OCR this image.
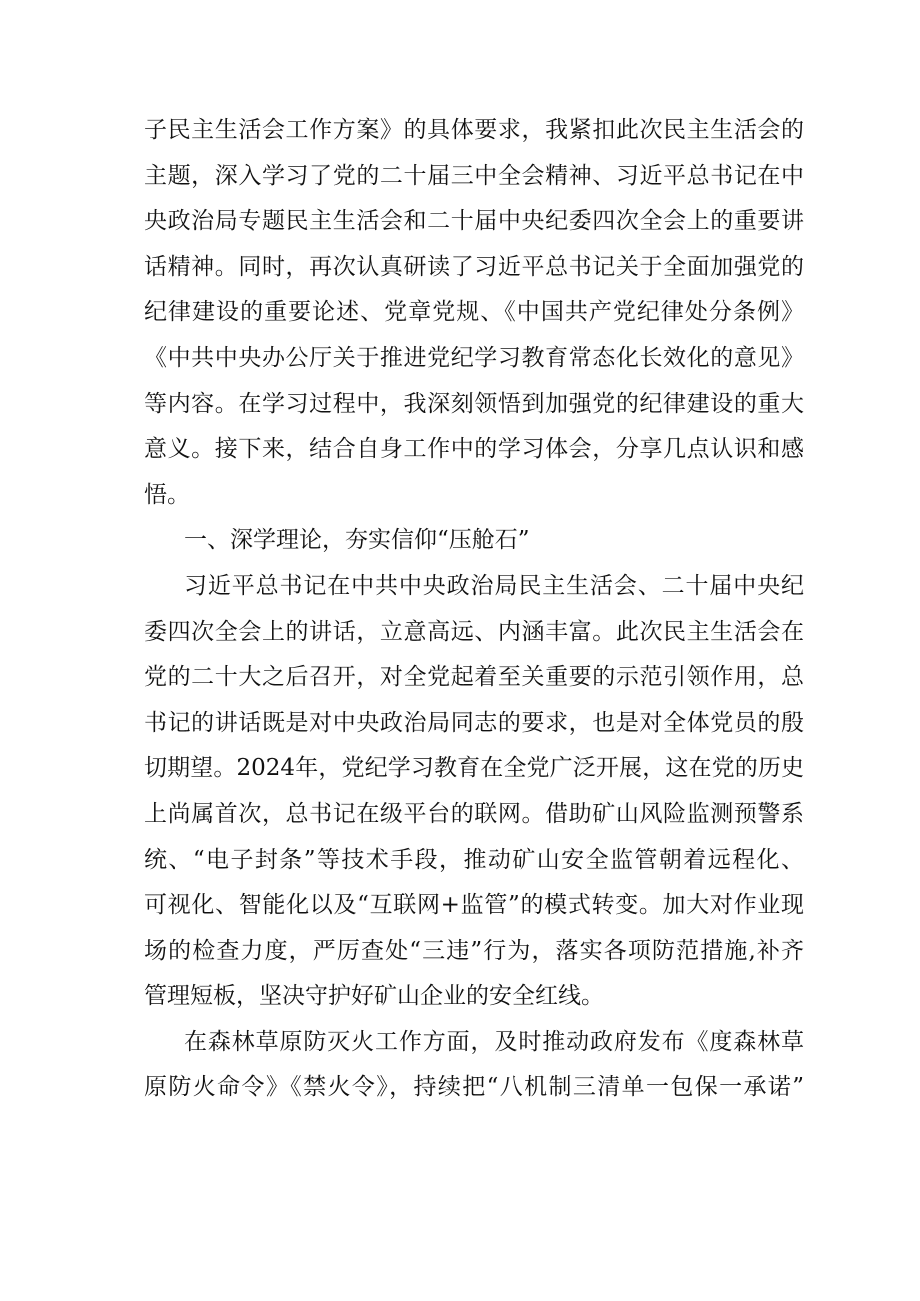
子民主生活会工作方案》的具体要求，我紧扣此次民主生活会的
主题，深入学习了党的二十届三中全会精神、习近平总书记在中
央政治局专题民主生活会和二十届中央纪委四次全会上的重要讲
话精神。同时，再次认真研读了习近平总书记关于全面加强党的
纪律建设的重要论述、党章党规、《中国共产党纪律处分条例》
《中共中央办公厅关于推进党纪学习教育常态化长效化的意见》
等内容。在学习过程中，我深刻领悟到加强党的纪律建设的重大
意义。接下来，结合自身工作中的学习体会，分享几点认识和感
悟。

一、深学理论，夯实信仰“压舱石”

习近平总书记在中共中央政治局民主生活会、二十届中央纪
委四次全会上的讲话，立意高远、内涵丰富。此次民主生活会在
党的二十大之后召开，对全党起着至关重要的示范引领作用，总
书记的讲话既是对中央政治局同志的要求，也是对全体党员的殷
切期望。2024年，党纪学习教育在全党广泛开展，这在党的历史
上尚属首次，总书记在级平台的联网。借助矿山风险监测预警系
统、“电子封条”等技术手段，推动矿山安全监管朝着远程化、
可视化、智能化以及“互联网+监管”的模式转变。加大对作业现
场的检查力度，严厉查处“三违”行为，落实各项防范措施,补齐
管理短板，坚决守护好矿山企业的安全红线。

在森林草原防灭火工作方面，及时推动政府发布《度森林草
原防火命令》《禁火令》，持续把“八机制三清单一包保一承诺”
